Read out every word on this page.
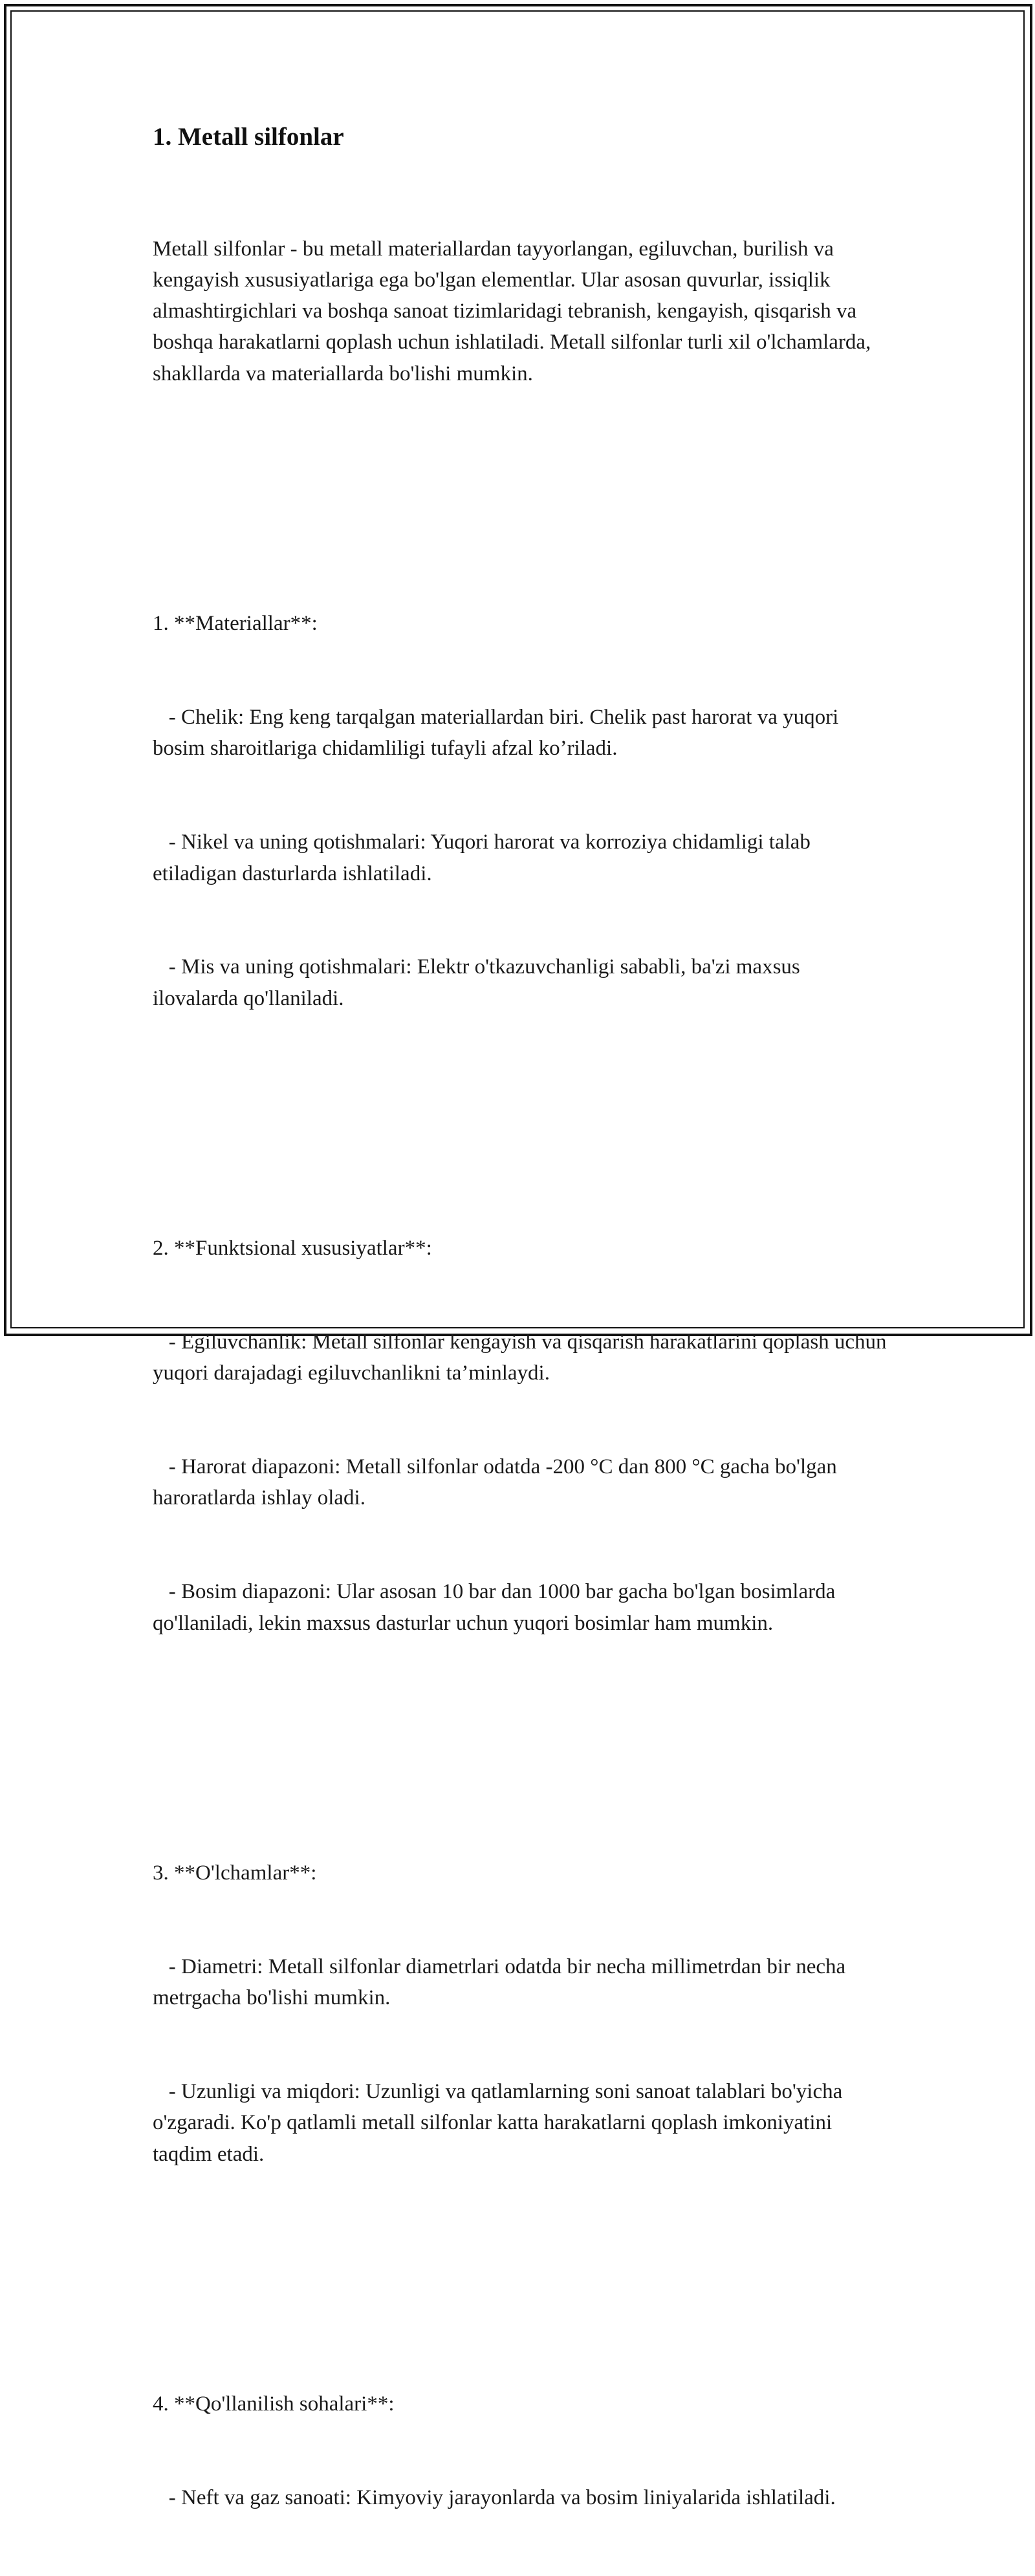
1. Metall silfonlar

Metall silfonlar - bu metall materiallardan tayyorlangan, egiluvchan, burilish va kengayish xususiyatlariga ega bo'lgan elementlar. Ular asosan quvurlar, issiqlik almashtirgichlari va boshqa sanoat tizimlaridagi tebranish, kengayish, qisqarish va boshqa harakatlarni qoplash uchun ishlatiladi. Metall silfonlar turli xil o'lchamlarda, shakllarda va materiallarda bo'lishi mumkin.

1. **Materiallar**:

- Chelik: Eng keng tarqalgan materiallardan biri. Chelik past harorat va yuqori bosim sharoitlariga chidamliligi tufayli afzal ko’riladi.

- Nikel va uning qotishmalari: Yuqori harorat va korroziya chidamligi talab etiladigan dasturlarda ishlatiladi.

- Mis va uning qotishmalari: Elektr o'tkazuvchanligi sababli, ba'zi maxsus ilovalarda qo'llaniladi.

2. **Funktsional xususiyatlar**:

- Egiluvchanlik: Metall silfonlar kengayish va qisqarish harakatlarini qoplash uchun yuqori darajadagi egiluvchanlikni ta’minlaydi.

- Harorat diapazoni: Metall silfonlar odatda -200 °C dan 800 °C gacha bo'lgan haroratlarda ishlay oladi.

- Bosim diapazoni: Ular asosan 10 bar dan 1000 bar gacha bo'lgan bosimlarda qo'llaniladi, lekin maxsus dasturlar uchun yuqori bosimlar ham mumkin.

3. **O'lchamlar**:

- Diametri: Metall silfonlar diametrlari odatda bir necha millimetrdan bir necha metrgacha bo'lishi mumkin.

- Uzunligi va miqdori: Uzunligi va qatlamlarning soni sanoat talablari bo'yicha o'zgaradi. Ko'p qatlamli metall silfonlar katta harakatlarni qoplash imkoniyatini taqdim etadi.

4. **Qo'llanilish sohalari**:

- Neft va gaz sanoati: Kimyoviy jarayonlarda va bosim liniyalarida ishlatiladi.
